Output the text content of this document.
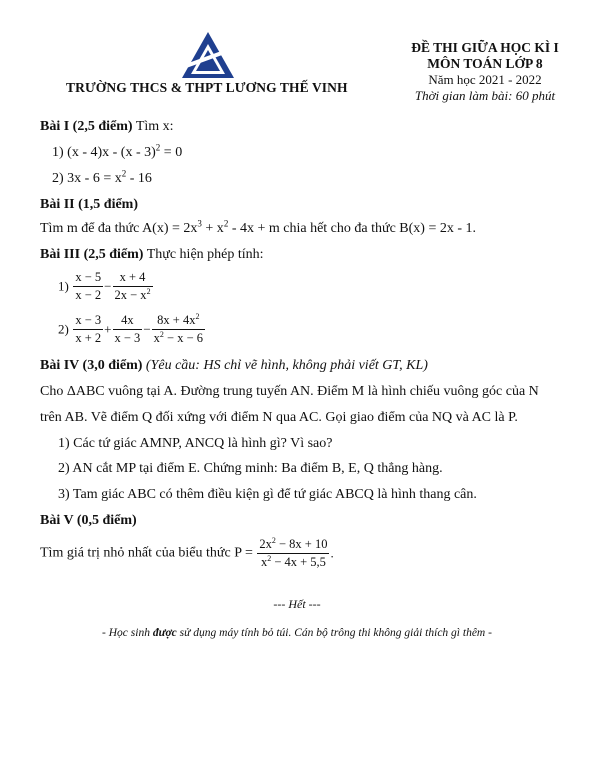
TRƯỜNG THCS & THPT LƯƠNG THẾ VINH
ĐỀ THI GIỮA HỌC KÌ I
MÔN TOÁN LỚP 8
Năm học 2021 - 2022
Thời gian làm bài: 60 phút
Bài I (2,5 điểm) Tìm x:
1) (x - 4)x - (x - 3)$^2$ = 0
2) $3x - 6 = x^2 - 16$
Bài II (1,5 điểm)
Tìm m để đa thức $A(x) = 2x^3 + x^2 - 4x + m$ chia hết cho đa thức B(x) = 2x - 1.
Bài III (2,5 điểm) Thực hiện phép tính:
$1) \frac{x - 5}{x - 2} - \frac{x + 4}{2x - x^2}$
$2) \frac{x - 3}{x + 2} + \frac{4x}{x - 3} - \frac{8x + 4x^2}{x^2 - x - 6}$
Bài IV (3,0 điểm) (Yêu cầu: HS chỉ vẽ hình, không phải viết GT, KL)
Cho ΔABC vuông tại A. Đường trung tuyến AN. Điểm M là hình chiếu vuông góc của N
trên AB. Vẽ điểm Q đối xứng với điểm N qua AC. Gọi giao điểm của NQ và AC là P.
1) Các tứ giác AMNP, ANCQ là hình gì? Vì sao?
2) AN cắt MP tại điểm E. Chứng minh: Ba điểm B, E, Q thẳng hàng.
3) Tam giác ABC có thêm điều kiện gì để tứ giác ABCQ là hình thang cân.
Bài V (0,5 điểm)
Tìm giá trị nhỏ nhất của biểu thức $P = \frac{2x^2 - 8x + 10}{x^2 - 4x + 5,5}$ .
--- Hết ---
- Học sinh được sử dụng máy tính bỏ túi. Cán bộ trông thi không giải thích gì thêm -
